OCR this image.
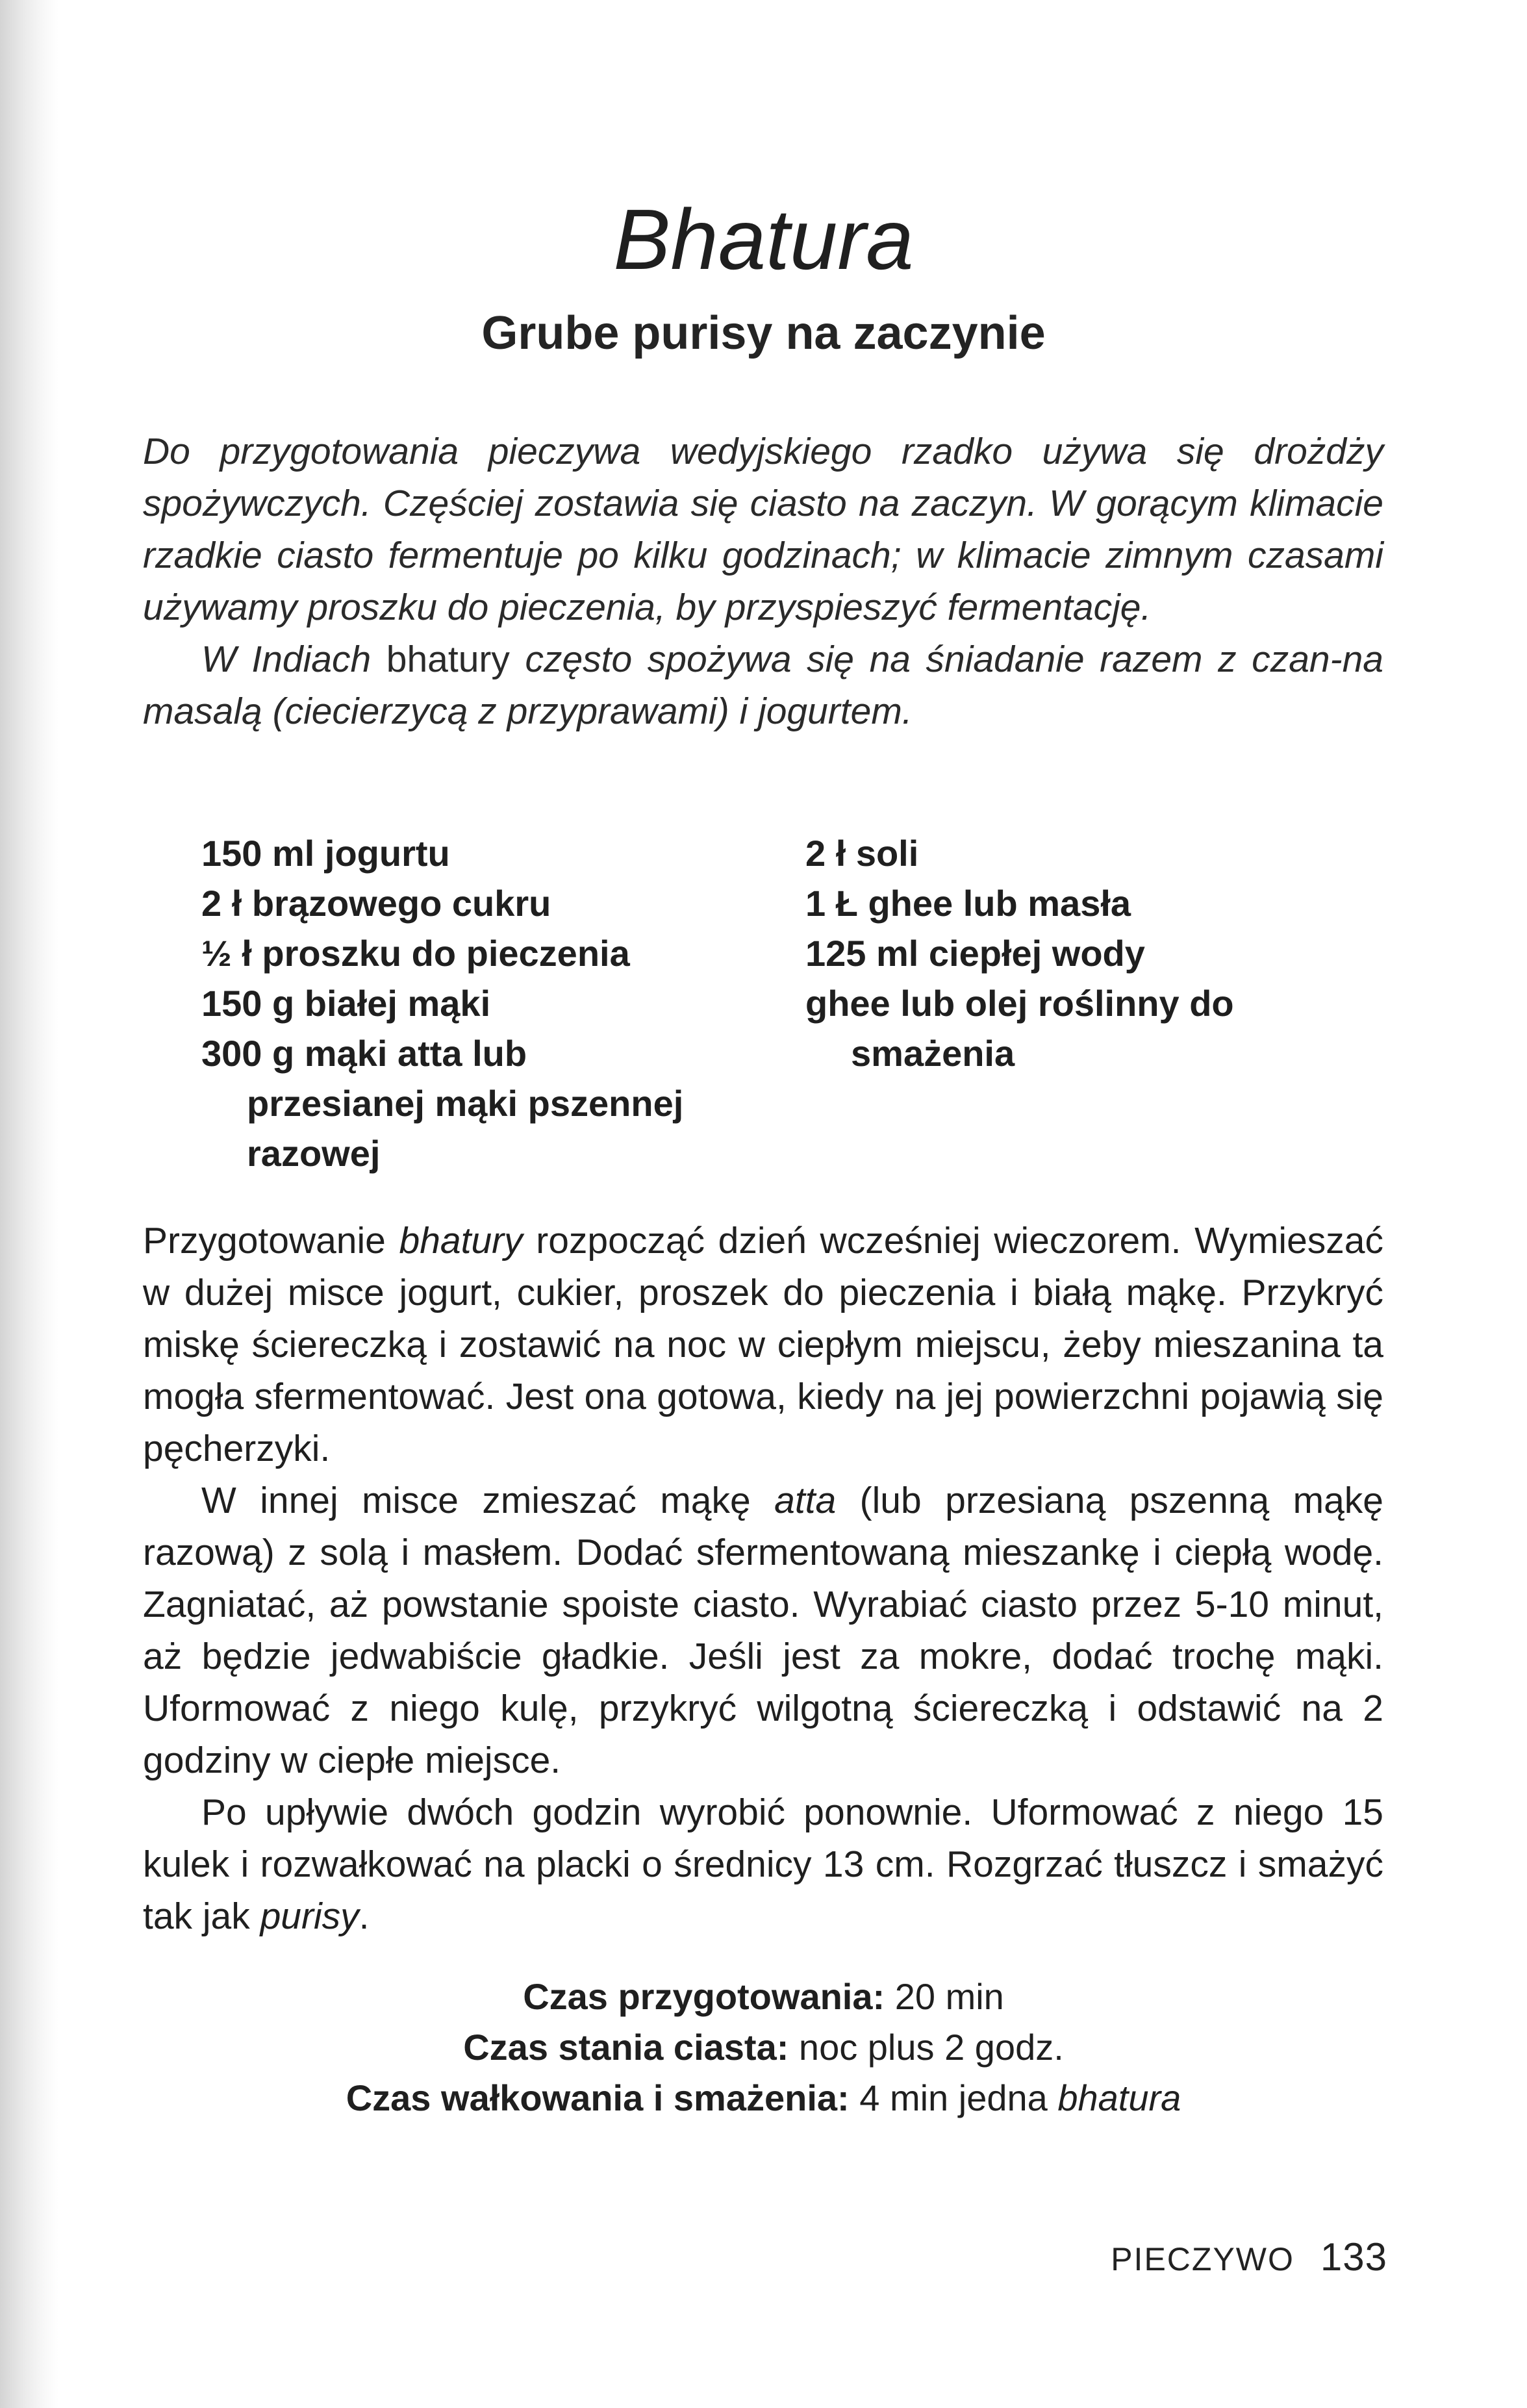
Bhatura
Grube purisy na zaczynie

Do przygotowania pieczywa wedyjskiego rzadko używa się drożdży spożywczych. Częściej zostawia się ciasto na zaczyn. W gorącym klimacie rzadkie ciasto fermentuje po kilku godzinach; w klimacie zimnym czasami używamy proszku do pieczenia, by przyspieszyć fermentację.

W Indiach bhatury często spożywa się na śniadanie razem z czan-na masalą (ciecierzycą z przyprawami) i jogurtem.

150 ml jogurtu
2 ł brązowego cukru
½ ł proszku do pieczenia
150 g białej mąki
300 g mąki atta lub przesianej mąki pszennej razowej
2 ł soli
1 Ł ghee lub masła
125 ml ciepłej wody
ghee lub olej roślinny do smażenia

Przygotowanie bhatury rozpocząć dzień wcześniej wieczorem. Wymieszać w dużej misce jogurt, cukier, proszek do pieczenia i białą mąkę. Przykryć miskę ściereczką i zostawić na noc w ciepłym miejscu, żeby mieszanina ta mogła sfermentować. Jest ona gotowa, kiedy na jej powierzchni pojawią się pęcherzyki.

W innej misce zmieszać mąkę atta (lub przesianą pszenną mąkę razową) z solą i masłem. Dodać sfermentowaną mieszankę i ciepłą wodę. Zagniatać, aż powstanie spoiste ciasto. Wyrabiać ciasto przez 5-10 minut, aż będzie jedwabiście gładkie. Jeśli jest za mokre, dodać trochę mąki. Uformować z niego kulę, przykryć wilgotną ściereczką i odstawić na 2 godziny w ciepłe miejsce.

Po upływie dwóch godzin wyrobić ponownie. Uformować z niego 15 kulek i rozwałkować na placki o średnicy 13 cm. Rozgrzać tłuszcz i smażyć tak jak purisy.

Czas przygotowania: 20 min

Czas stania ciasta: noc plus 2 godz.

Czas wałkowania i smażenia: 4 min jedna bhatura

PIECZYWO 133
